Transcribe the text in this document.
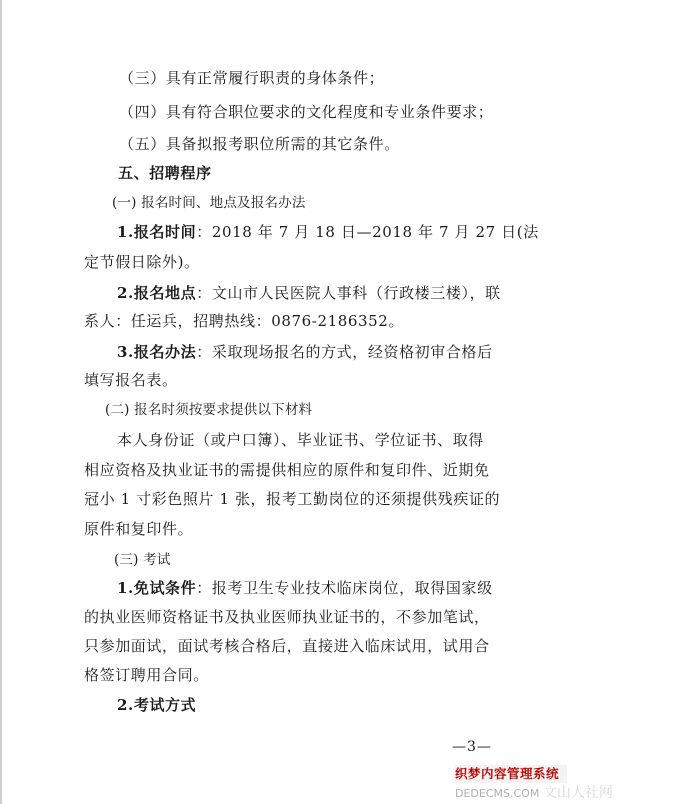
（三）具有正常履行职责的身体条件；
（四）具有符合职位要求的文化程度和专业条件要求；
（五）具备拟报考职位所需的其它条件。
五、招聘程序
(一) 报名时间、地点及报名办法
1.报名时间：2018 年 7 月 18 日—2018 年 7 月 27 日(法
定节假日除外)。
2.报名地点：文山市人民医院人事科（行政楼三楼），联
系人：任运兵，招聘热线：0876-2186352。
3.报名办法：采取现场报名的方式，经资格初审合格后
填写报名表。
(二) 报名时须按要求提供以下材料
本人身份证（或户口簿）、毕业证书、学位证书、取得
相应资格及执业证书的需提供相应的原件和复印件、近期免
冠小 1 寸彩色照片 1 张，报考工勤岗位的还须提供残疾证的
原件和复印件。
(三) 考试
1.免试条件：报考卫生专业技术临床岗位，取得国家级
的执业医师资格证书及执业医师执业证书的，不参加笔试，
只参加面试，面试考核合格后，直接进入临床试用，试用合
格签订聘用合同。
2.考试方式
—3—
织梦内容管理系统
DEDECMS.COM 文山人社网
